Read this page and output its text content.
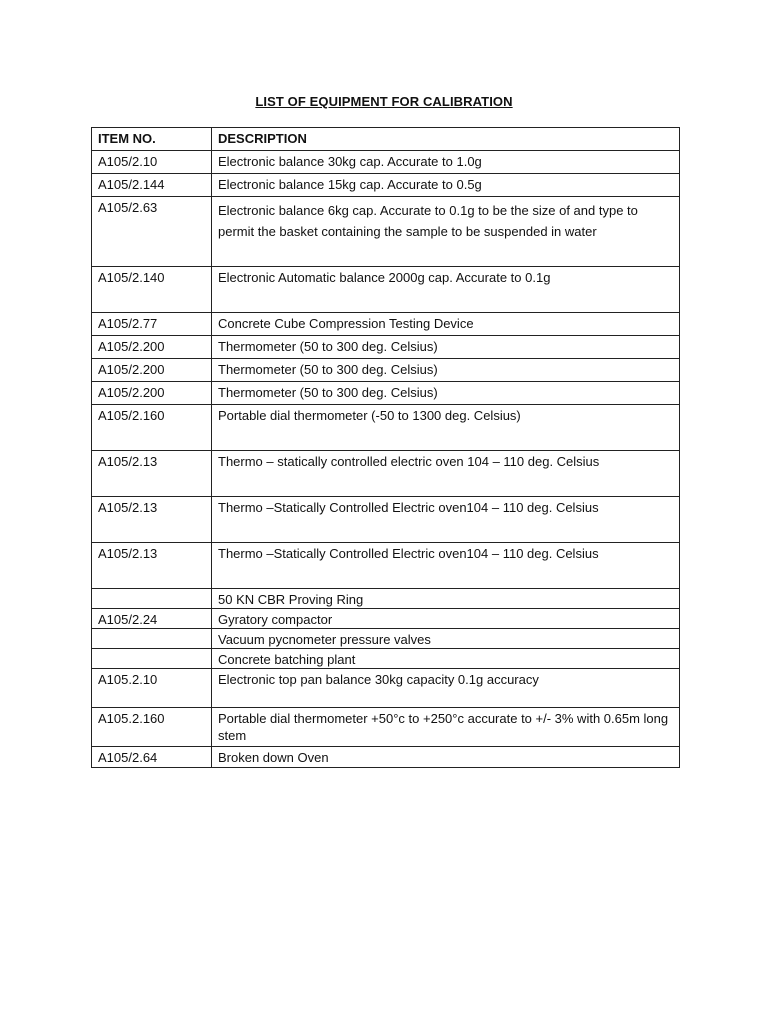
LIST OF EQUIPMENT FOR CALIBRATION
ITEM NO.	DESCRIPTION
A105/2.10	Electronic balance 30kg cap. Accurate to 1.0g
A105/2.144	Electronic balance 15kg cap. Accurate to 0.5g
A105/2.63	Electronic balance 6kg cap. Accurate to 0.1g to be the size of and type to permit the basket containing the sample to be suspended in water
A105/2.140	Electronic Automatic balance 2000g cap. Accurate to 0.1g
A105/2.77	Concrete Cube Compression Testing Device
A105/2.200	Thermometer (50 to 300 deg. Celsius)
A105/2.200	Thermometer (50 to 300 deg. Celsius)
A105/2.200	Thermometer (50 to 300 deg. Celsius)
A105/2.160	Portable dial thermometer (-50 to 1300 deg. Celsius)
A105/2.13	Thermo – statically controlled electric oven 104 – 110 deg. Celsius
A105/2.13	Thermo –Statically Controlled Electric oven104 – 110 deg. Celsius
A105/2.13	Thermo –Statically Controlled Electric oven104 – 110 deg. Celsius
	50 KN CBR Proving Ring
A105/2.24	Gyratory compactor
	Vacuum pycnometer pressure valves
	Concrete batching plant
A105.2.10	Electronic top pan balance 30kg capacity 0.1g accuracy
A105.2.160	Portable dial thermometer +50°c to +250°c accurate to +/- 3% with 0.65m long stem
A105/2.64	Broken down Oven
